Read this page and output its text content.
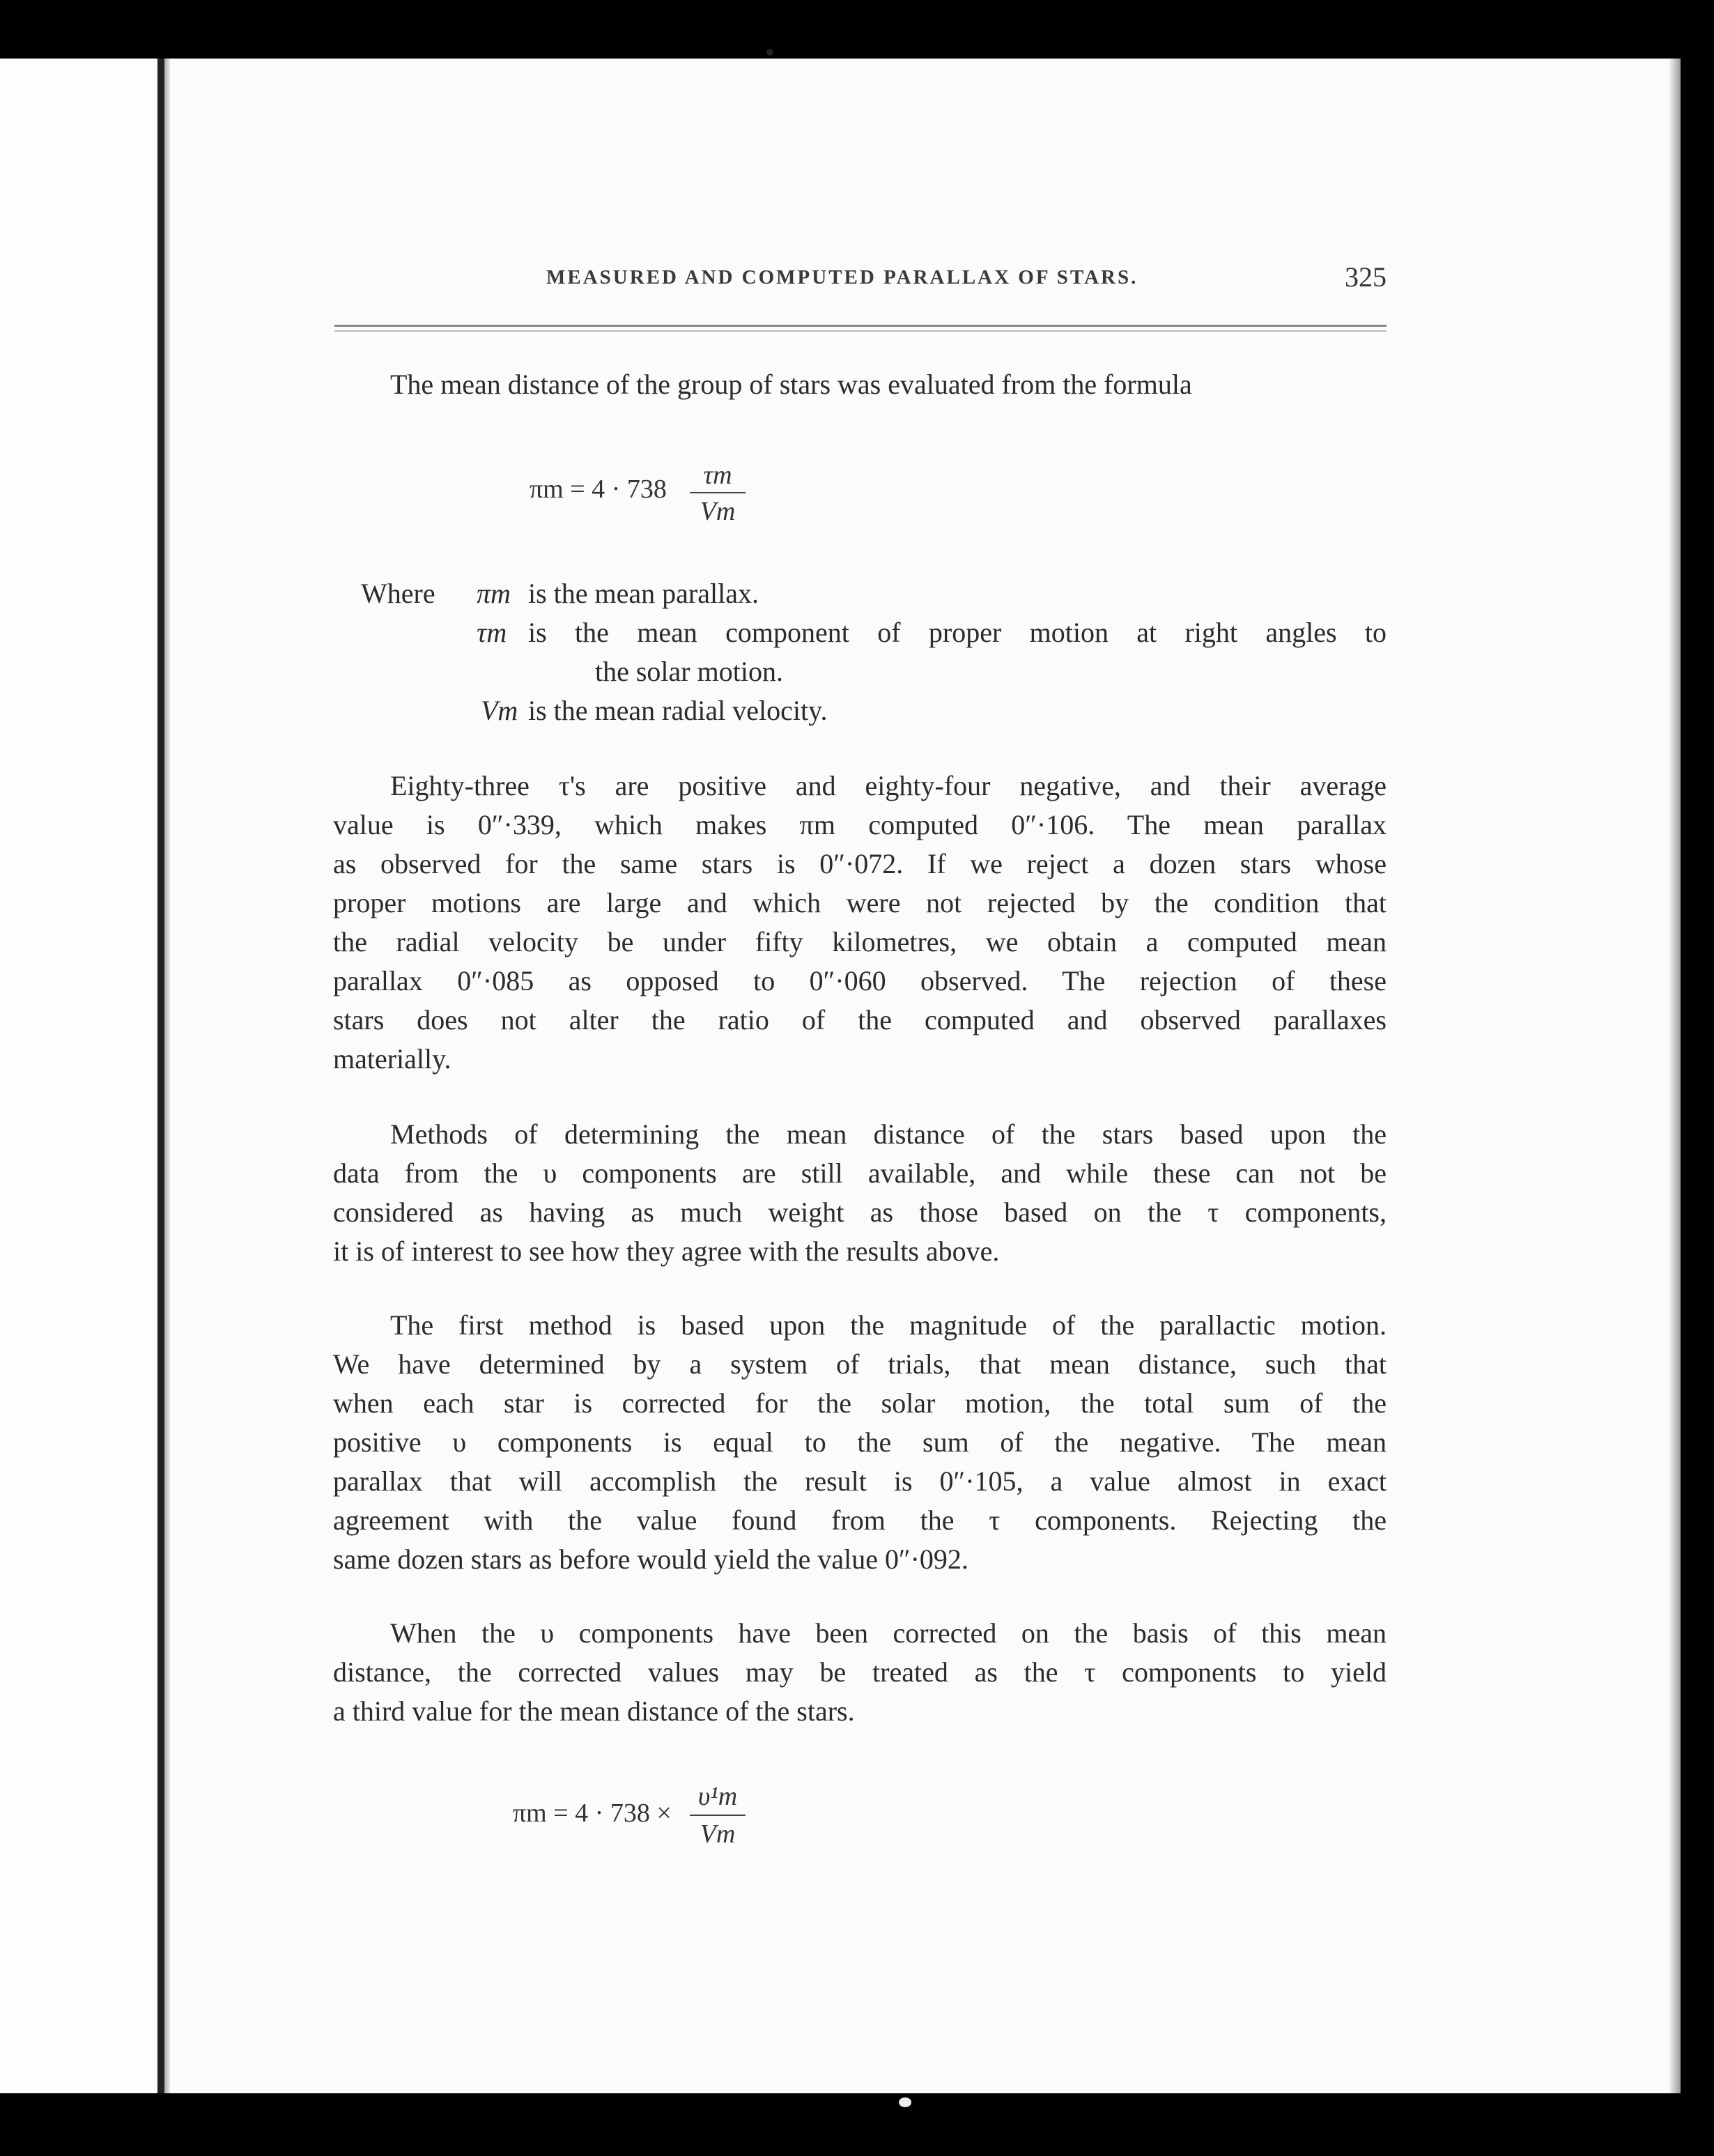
MEASURED AND COMPUTED PARALLAX OF STARS.	325
The mean distance of the group of stars was evaluated from the formula
πm = 4 · 738	τm
Vm
Where πm is the mean parallax.
τm is the mean component of proper motion at right angles to
the solar motion.
Vm is the mean radial velocity.
Eighty-three τ's are positive and eighty-four negative, and their average
value is 0″·339, which makes πm computed 0″·106. The mean parallax
as observed for the same stars is 0″·072. If we reject a dozen stars whose
proper motions are large and which were not rejected by the condition that
the radial velocity be under fifty kilometres, we obtain a computed mean
parallax 0″·085 as opposed to 0″·060 observed. The rejection of these
stars does not alter the ratio of the computed and observed parallaxes
materially.
Methods of determining the mean distance of the stars based upon the
data from the υ components are still available, and while these can not be
considered as having as much weight as those based on the τ components,
it is of interest to see how they agree with the results above.
The first method is based upon the magnitude of the parallactic motion.
We have determined by a system of trials, that mean distance, such that
when each star is corrected for the solar motion, the total sum of the
positive υ components is equal to the sum of the negative. The mean
parallax that will accomplish the result is 0″·105, a value almost in exact
agreement with the value found from the τ components. Rejecting the
same dozen stars as before would yield the value 0″·092.
When the υ components have been corrected on the basis of this mean
distance, the corrected values may be treated as the τ components to yield
a third value for the mean distance of the stars.
πm = 4 · 738 ×
υ¹m
Vm
